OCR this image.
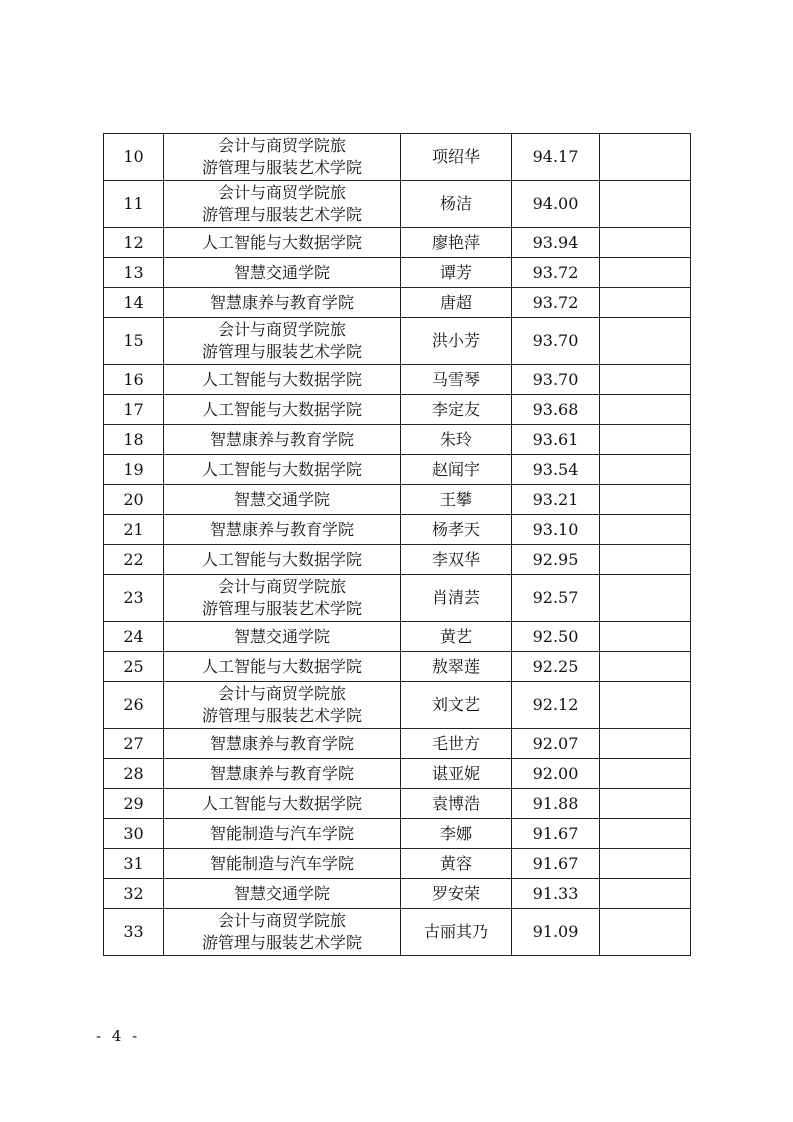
10	会计与商贸学院旅
游管理与服装艺术学院	项绍华	94.17	
11	会计与商贸学院旅
游管理与服装艺术学院	杨洁	94.00	
12	人工智能与大数据学院	廖艳萍	93.94	
13	智慧交通学院	谭芳	93.72	
14	智慧康养与教育学院	唐超	93.72	
15	会计与商贸学院旅
游管理与服装艺术学院	洪小芳	93.70	
16	人工智能与大数据学院	马雪琴	93.70	
17	人工智能与大数据学院	李定友	93.68	
18	智慧康养与教育学院	朱玲	93.61	
19	人工智能与大数据学院	赵闻宇	93.54	
20	智慧交通学院	王攀	93.21	
21	智慧康养与教育学院	杨孝天	93.10	
22	人工智能与大数据学院	李双华	92.95	
23	会计与商贸学院旅
游管理与服装艺术学院	肖清芸	92.57	
24	智慧交通学院	黄艺	92.50	
25	人工智能与大数据学院	敖翠莲	92.25	
26	会计与商贸学院旅
游管理与服装艺术学院	刘文艺	92.12	
27	智慧康养与教育学院	毛世方	92.07	
28	智慧康养与教育学院	谌亚妮	92.00	
29	人工智能与大数据学院	袁博浩	91.88	
30	智能制造与汽车学院	李娜	91.67	
31	智能制造与汽车学院	黄容	91.67	
32	智慧交通学院	罗安荣	91.33	
33	会计与商贸学院旅
游管理与服装艺术学院	古丽其乃	91.09	
- 4 -
